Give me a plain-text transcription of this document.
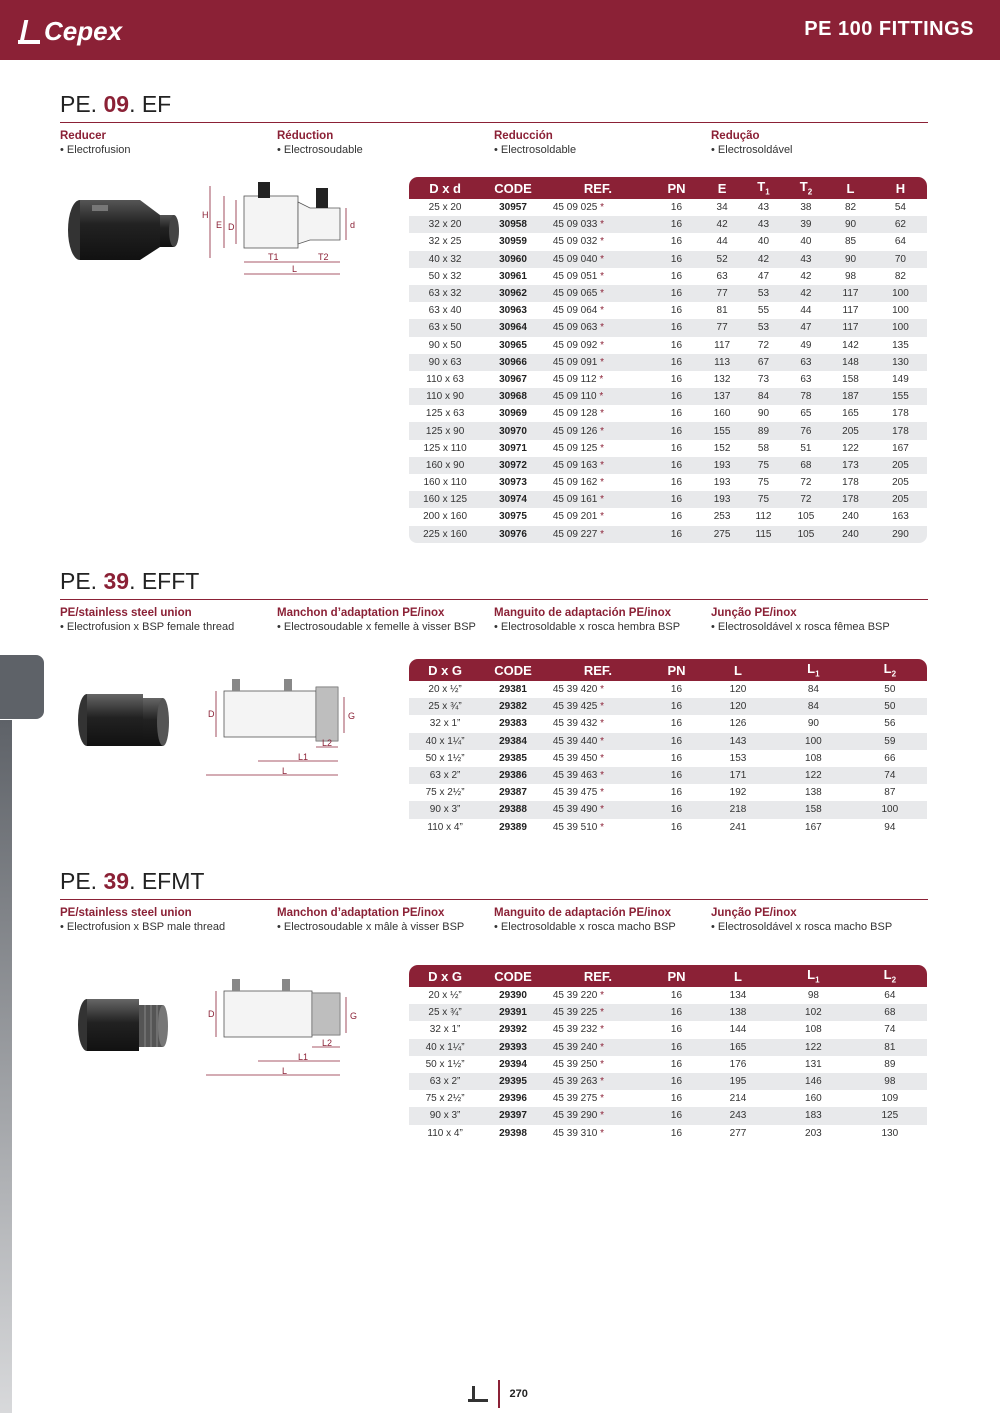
Cepex	PE 100 FITTINGS
PE. 09. EF
Reducer
• Electrofusion
Réduction
• Electrosoudable
Reducción
• Electrosoldable
Redução
• Electrosoldável
H
E D	d
T1	T2
L
D x d	CODE	REF.	PN	E	$T_1$	$T_2$	L	H
25 x 20	30957	45 09 025 *	16	34	43	38	82	54
32 x 20	30958	45 09 033 *	16	42	43	39	90	62
32 x 25	30959	45 09 032 *	16	44	40	40	85	64
40 x 32	30960	45 09 040 *	16	52	42	43	90	70
50 x 32	30961	45 09 051 *	16	63	47	42	98	82
63 x 32	30962	45 09 065 *	16	77	53	42	117	100
63 x 40	30963	45 09 064 *	16	81	55	44	117	100
63 x 50	30964	45 09 063 *	16	77	53	47	117	100
90 x 50	30965	45 09 092 *	16	117	72	49	142	135
90 x 63	30966	45 09 091 *	16	113	67	63	148	130
110 x 63	30967	45 09 112 *	16	132	73	63	158	149
110 x 90	30968	45 09 110 *	16	137	84	78	187	155
125 x 63	30969	45 09 128 *	16	160	90	65	165	178
125 x 90	30970	45 09 126 *	16	155	89	76	205	178
125 x 110	30971	45 09 125 *	16	152	58	51	122	167
160 x 90	30972	45 09 163 *	16	193	75	68	173	205
160 x 110	30973	45 09 162 *	16	193	75	72	178	205
160 x 125	30974	45 09 161 *	16	193	75	72	178	205
200 x 160	30975	45 09 201 *	16	253	112	105	240	163
225 x 160	30976	45 09 227 *	16	275	115	105	240	290
PE. 39. EFFT
PE/stainless steel union
• Electrofusion x BSP female thread
Manchon d’adaptation PE/inox
• Electrosoudable x femelle à visser BSP
Manguito de adaptación PE/inox
• Electrosoldable x rosca hembra BSP
Junção PE/inox
• Electrosoldável x rosca fêmea BSP
D	G
L2
L1
L
D x G	CODE	REF.	PN	L	$L_1$	$L_2$
20 x ½”	29381	45 39 420 *	16	120	84	50
25 x ¾”	29382	45 39 425 *	16	120	84	50
32 x 1”	29383	45 39 432 *	16	126	90	56
40 x 1¼”	29384	45 39 440 *	16	143	100	59
50 x 1½”	29385	45 39 450 *	16	153	108	66
63 x 2”	29386	45 39 463 *	16	171	122	74
75 x 2½”	29387	45 39 475 *	16	192	138	87
90 x 3”	29388	45 39 490 *	16	218	158	100
110 x 4”	29389	45 39 510 *	16	241	167	94
PE. 39. EFMT
PE/stainless steel union
• Electrofusion x BSP male thread
Manchon d’adaptation PE/inox
• Electrosoudable x mâle à visser BSP
Manguito de adaptación PE/inox
• Electrosoldable x rosca macho BSP
Junção PE/inox
• Electrosoldável x rosca macho BSP
D	G
L2
L1
L
D x G	CODE	REF.	PN	L	$L_1$	$L_2$
20 x ½”	29390	45 39 220 *	16	134	98	64
25 x ¾”	29391	45 39 225 *	16	138	102	68
32 x 1”	29392	45 39 232 *	16	144	108	74
40 x 1¼”	29393	45 39 240 *	16	165	122	81
50 x 1½”	29394	45 39 250 *	16	176	131	89
63 x 2”	29395	45 39 263 *	16	195	146	98
75 x 2½”	29396	45 39 275 *	16	214	160	109
90 x 3”	29397	45 39 290 *	16	243	183	125
110 x 4”	29398	45 39 310 *	16	277	203	130
270
